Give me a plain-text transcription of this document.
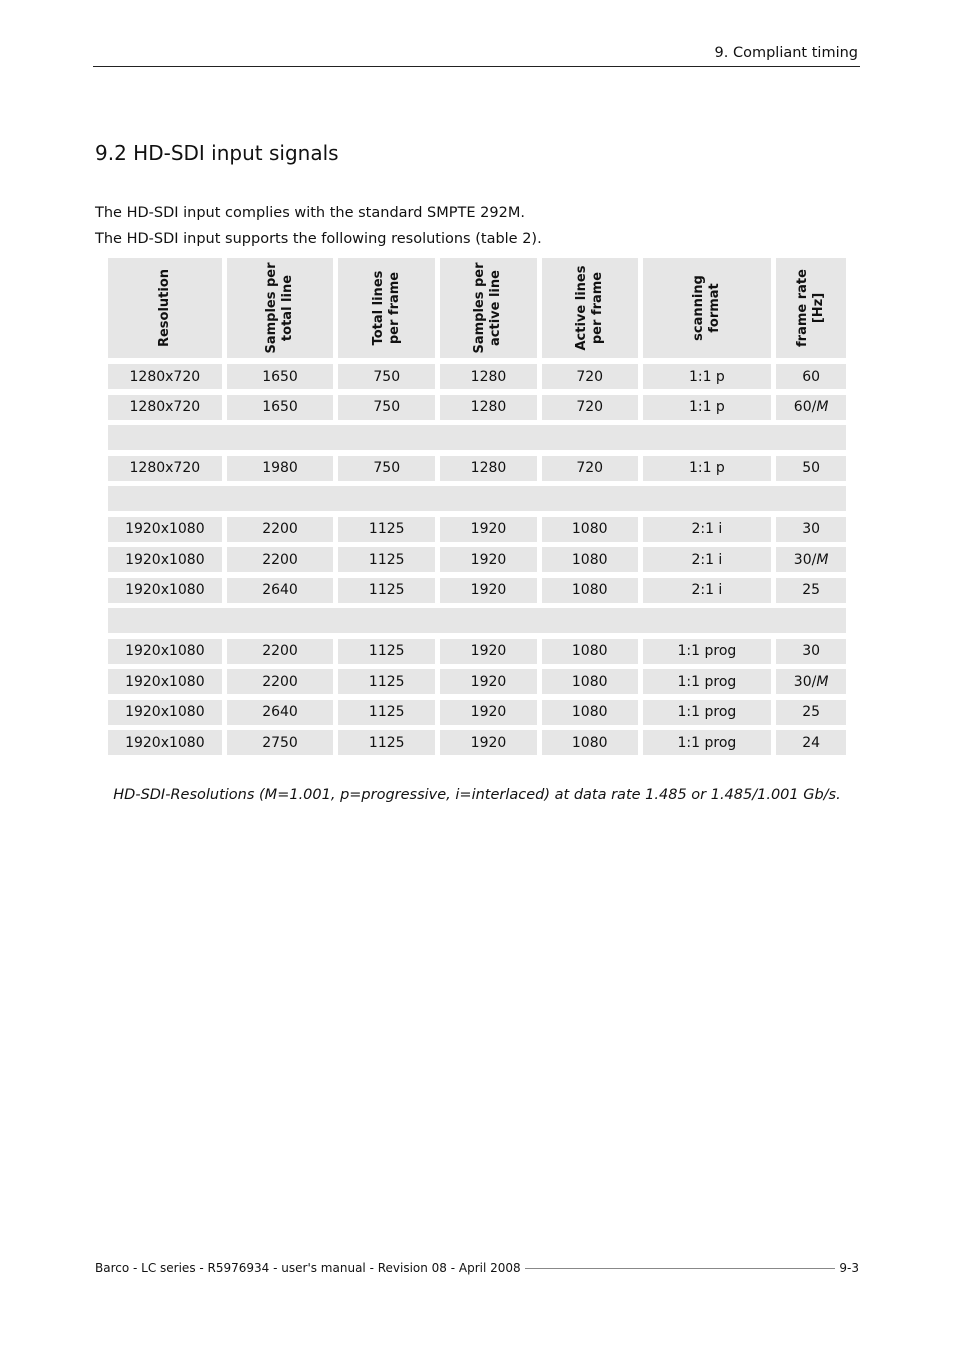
9. Compliant timing
9.2 HD-SDI input signals

The HD-SDI input complies with the standard SMPTE 292M.

The HD-SDI input supports the following resolutions (table 2).

Resolution	Samples per total line	Total lines per frame	Samples per active line	Active lines per frame	scanning format	frame rate [Hz]
1280x720	1650	750	1280	720	1:1 p	60
1280x720	1650	750	1280	720	1:1 p	60/ M
1280x720	1980	750	1280	720	1:1 p	50
1920x1080	2200	1125	1920	1080	2:1 i	30
1920x1080	2200	1125	1920	1080	2:1 i	30/ M
1920x1080	2640	1125	1920	1080	2:1 i	25
1920x1080	2200	1125	1920	1080	1:1 prog	30
1920x1080	2200	1125	1920	1080	1:1 prog	30/ M
1920x1080	2640	1125	1920	1080	1:1 prog	25
1920x1080	2750	1125	1920	1080	1:1 prog	24

HD-SDI-Resolutions (M=1.001, p=progressive, i=interlaced) at data rate 1.485 or 1.485/1.001 Gb/s.

Barco - LC series - R5976934 - user's manual - Revision 08 - April 2008	9-3
